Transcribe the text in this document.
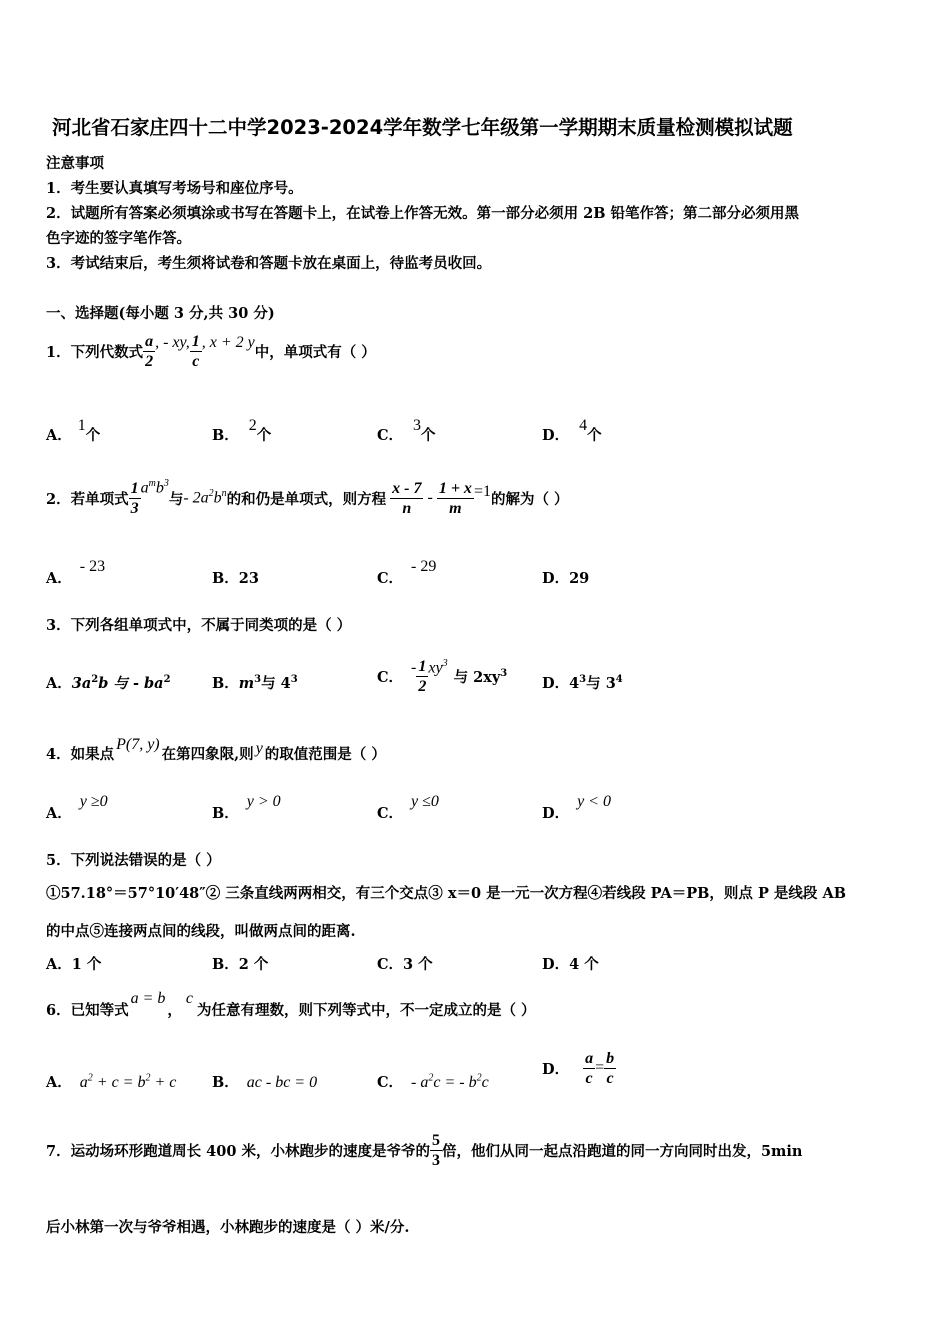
河北省石家庄四十二中学2023-2024学年数学七年级第一学期期末质量检测模拟试题
注意事项
1．考生要认真填写考场号和座位序号。
2．试题所有答案必须填涂或书写在答题卡上，在试卷上作答无效。第一部分必须用 2B 铅笔作答；第二部分必须用黑
色字迹的签字笔作答。
3．考试结束后，考生须将试卷和答题卡放在桌面上，待监考员收回。
一、选择题(每小题 3 分,共 30 分)
1．下列代数式 $\frac{a}{2}$ , - xy, $\frac{1}{c}$ , x + 2 y
中，单项式有（ ）
A．1个	B．2个	C．3个	D．4个
2．若单项式 $\frac{1}{3} a^mb^3$
与 - $2a^2b^n$ 的和仍是单项式，则方程 $\frac{x - 7}{n} - \frac{1 + x}{m} =1$ 的解为（ ）
A．- 23
B．23	C．- 29
D．29
3．下列各组单项式中，不属于同类项的是（ ）
A．$3a^2b$ 与 - $ba^2$	B．$m^3$与 $4^3$	C．
- $\frac{1}{2} xy^3$
与 $2xy^3$
D．$4^3$与 $3^4$
4．如果点P(7, y)在第四象限,则 y 的取值范围是（ ）
A．y ≥0
B．y > 0
C．y ≤0
D．y < 0
5．下列说法错误的是（ ）
①57.18°＝57°10′48″② 三条直线两两相交，有三个交点③ x＝0 是一元一次方程④若线段 PA＝PB，则点 P 是线段 AB
的中点⑤连接两点间的线段，叫做两点间的距离.
A．1 个	B．2 个	C．3 个	D．4 个
6．已知等式a = b，c为任意有理数，则下列等式中，不一定成立的是（ ）
A． $a^2 + c = b^2 + c$ B． ac - bc = 0	C． - $a^2c$ = - $b^2c$
D． $\frac{a}{c} = \frac{b}{c}$
7．运动场环形跑道周长 400 米，小林跑步的速度是爷爷的 $\frac{5}{3}$ 倍，他们从同一起点沿跑道的同一方向同时出发，5min
后小林第一次与爷爷相遇，小林跑步的速度是（ ）米/分.
